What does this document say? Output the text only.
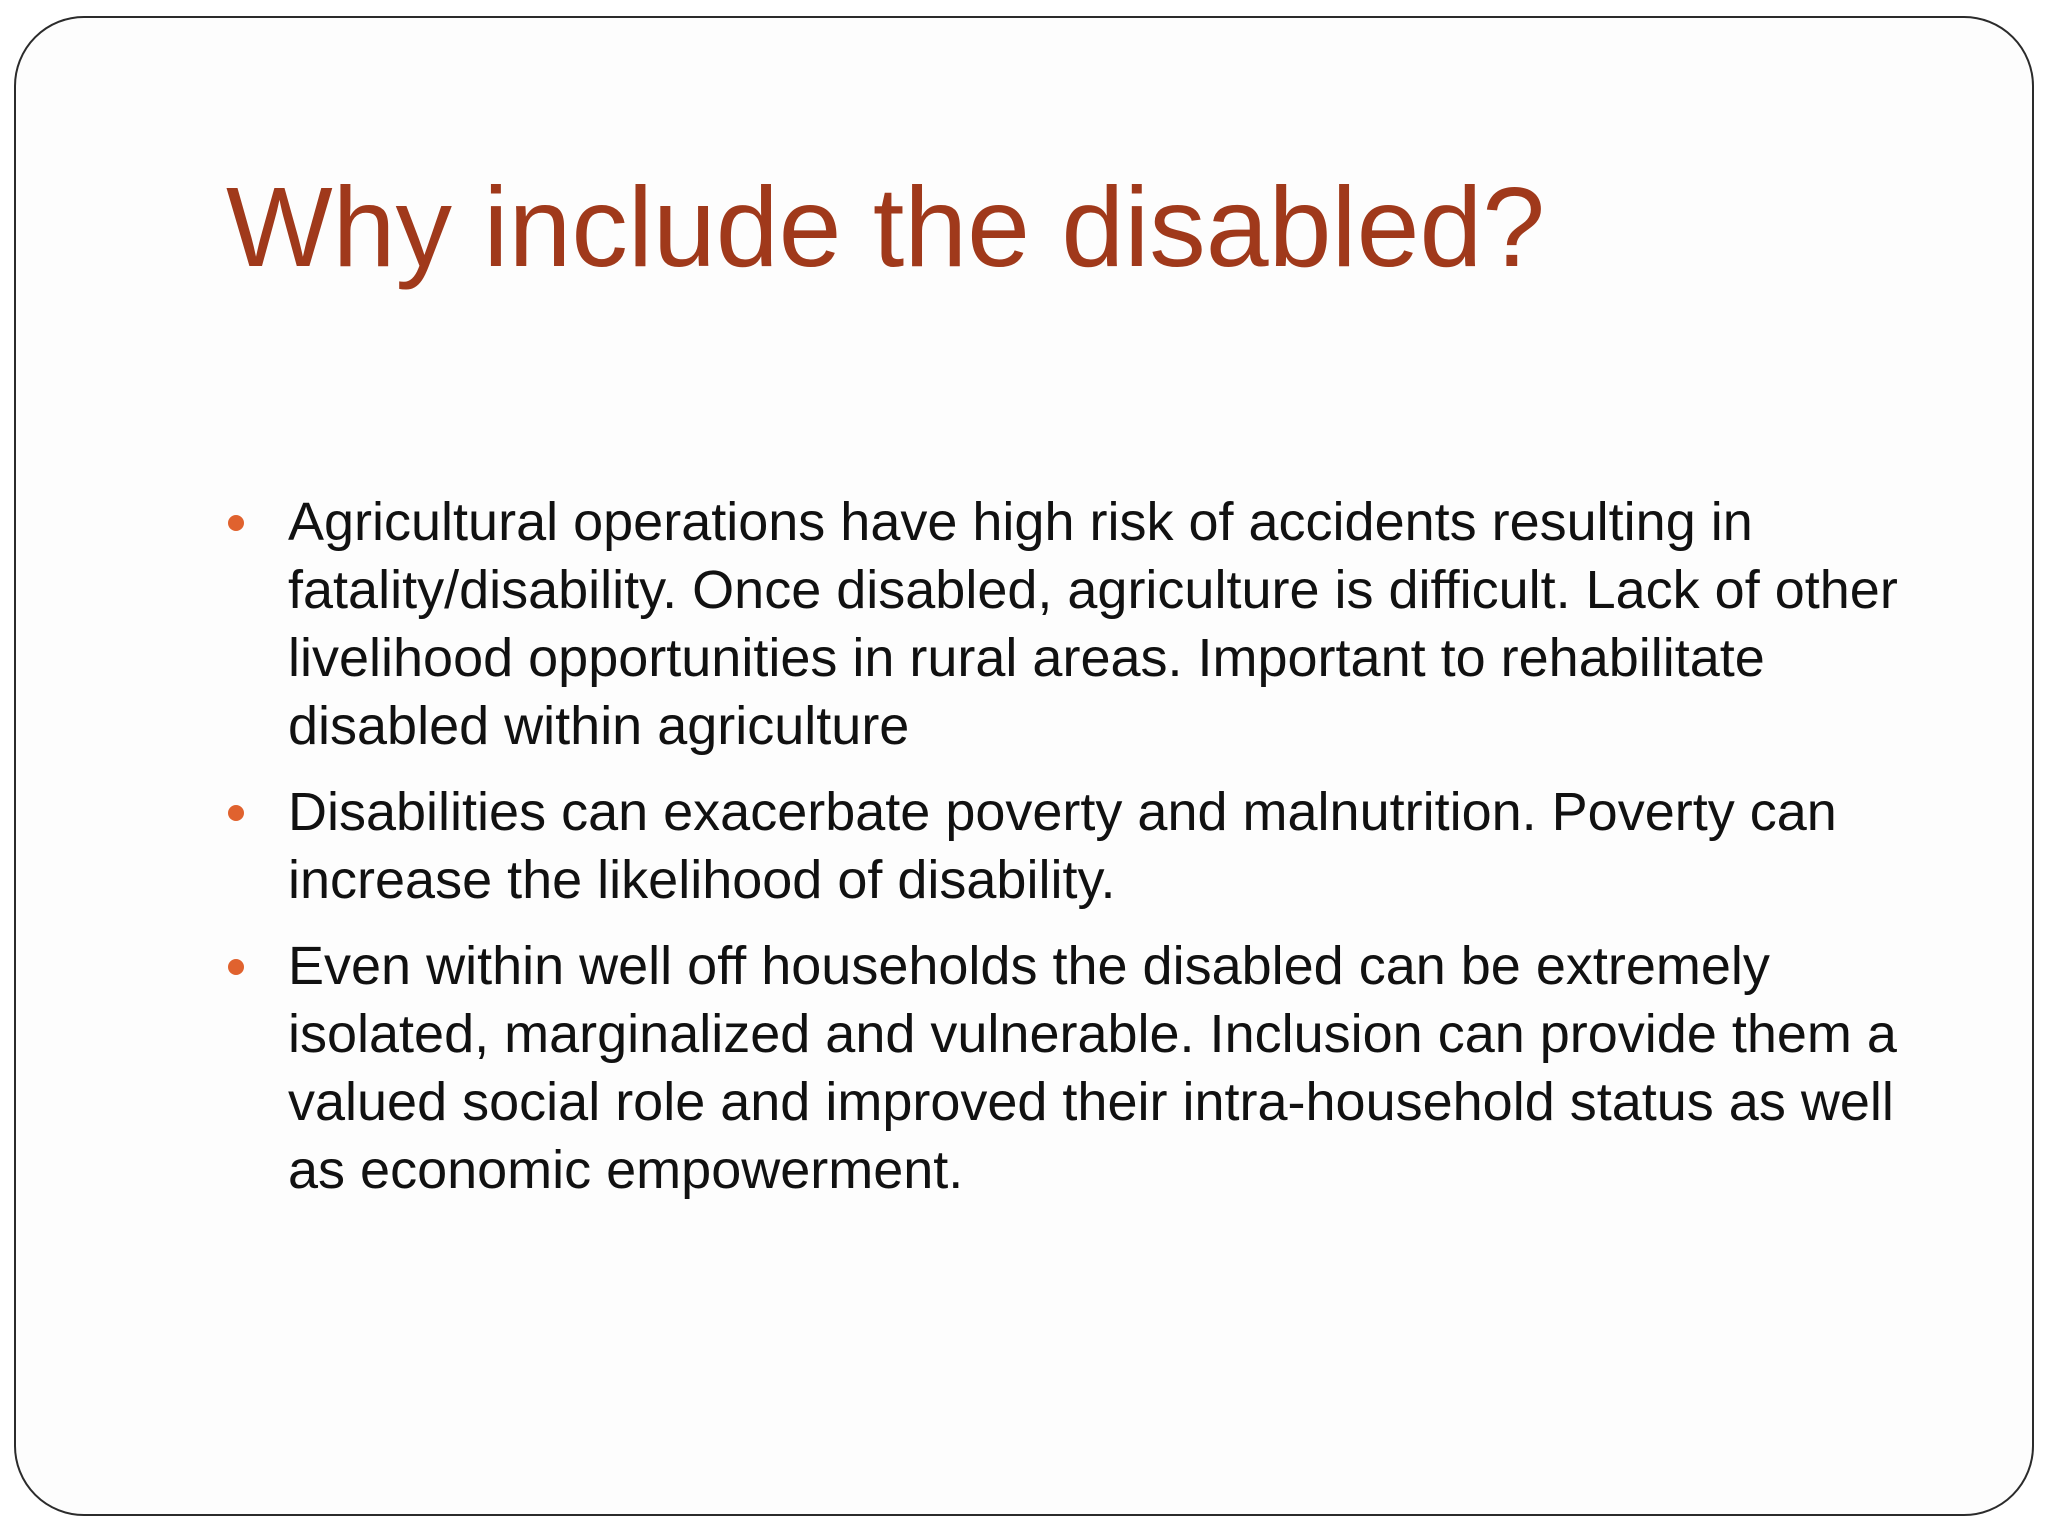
Why include the disabled?
Agricultural operations have high risk of accidents resulting in fatality/disability. Once disabled, agriculture is difficult. Lack of other livelihood opportunities in rural areas. Important to rehabilitate disabled within agriculture
Disabilities can exacerbate poverty and malnutrition. Poverty can increase the likelihood of disability.
Even within well off households the disabled can be extremely isolated, marginalized and vulnerable. Inclusion can provide them a valued social role and improved their intra-household status as well as economic empowerment.
